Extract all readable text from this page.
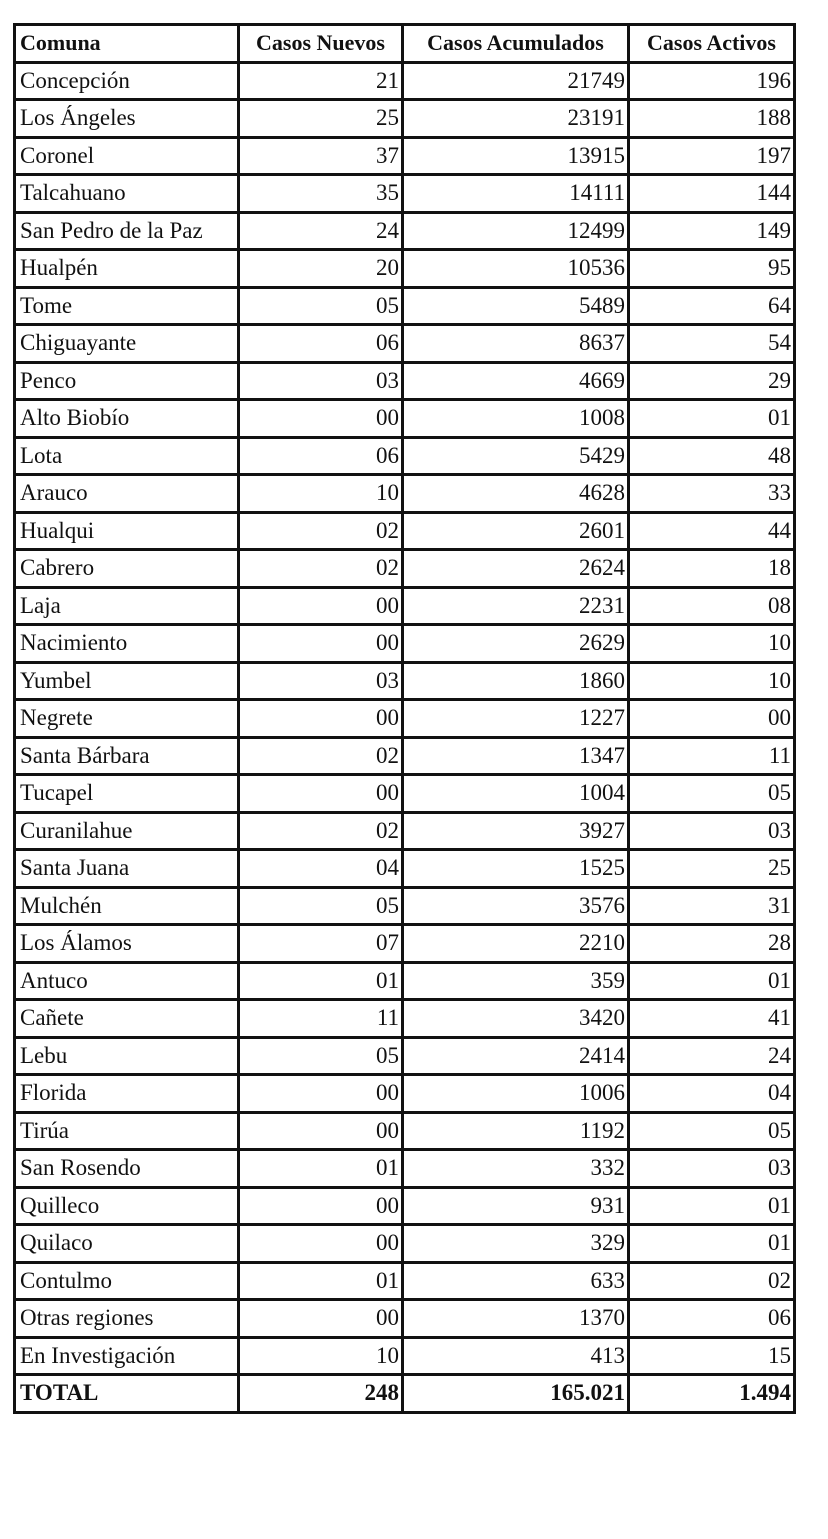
Comuna	Casos Nuevos	Casos Acumulados	Casos Activos
Concepción	21	21749	196
Los Ángeles	25	23191	188
Coronel	37	13915	197
Talcahuano	35	14111	144
San Pedro de la Paz	24	12499	149
Hualpén	20	10536	95
Tome	05	5489	64
Chiguayante	06	8637	54
Penco	03	4669	29
Alto Biobío	00	1008	01
Lota	06	5429	48
Arauco	10	4628	33
Hualqui	02	2601	44
Cabrero	02	2624	18
Laja	00	2231	08
Nacimiento	00	2629	10
Yumbel	03	1860	10
Negrete	00	1227	00
Santa Bárbara	02	1347	11
Tucapel	00	1004	05
Curanilahue	02	3927	03
Santa Juana	04	1525	25
Mulchén	05	3576	31
Los Álamos	07	2210	28
Antuco	01	359	01
Cañete	11	3420	41
Lebu	05	2414	24
Florida	00	1006	04
Tirúa	00	1192	05
San Rosendo	01	332	03
Quilleco	00	931	01
Quilaco	00	329	01
Contulmo	01	633	02
Otras regiones	00	1370	06
En Investigación	10	413	15
TOTAL	248	165.021	1.494
